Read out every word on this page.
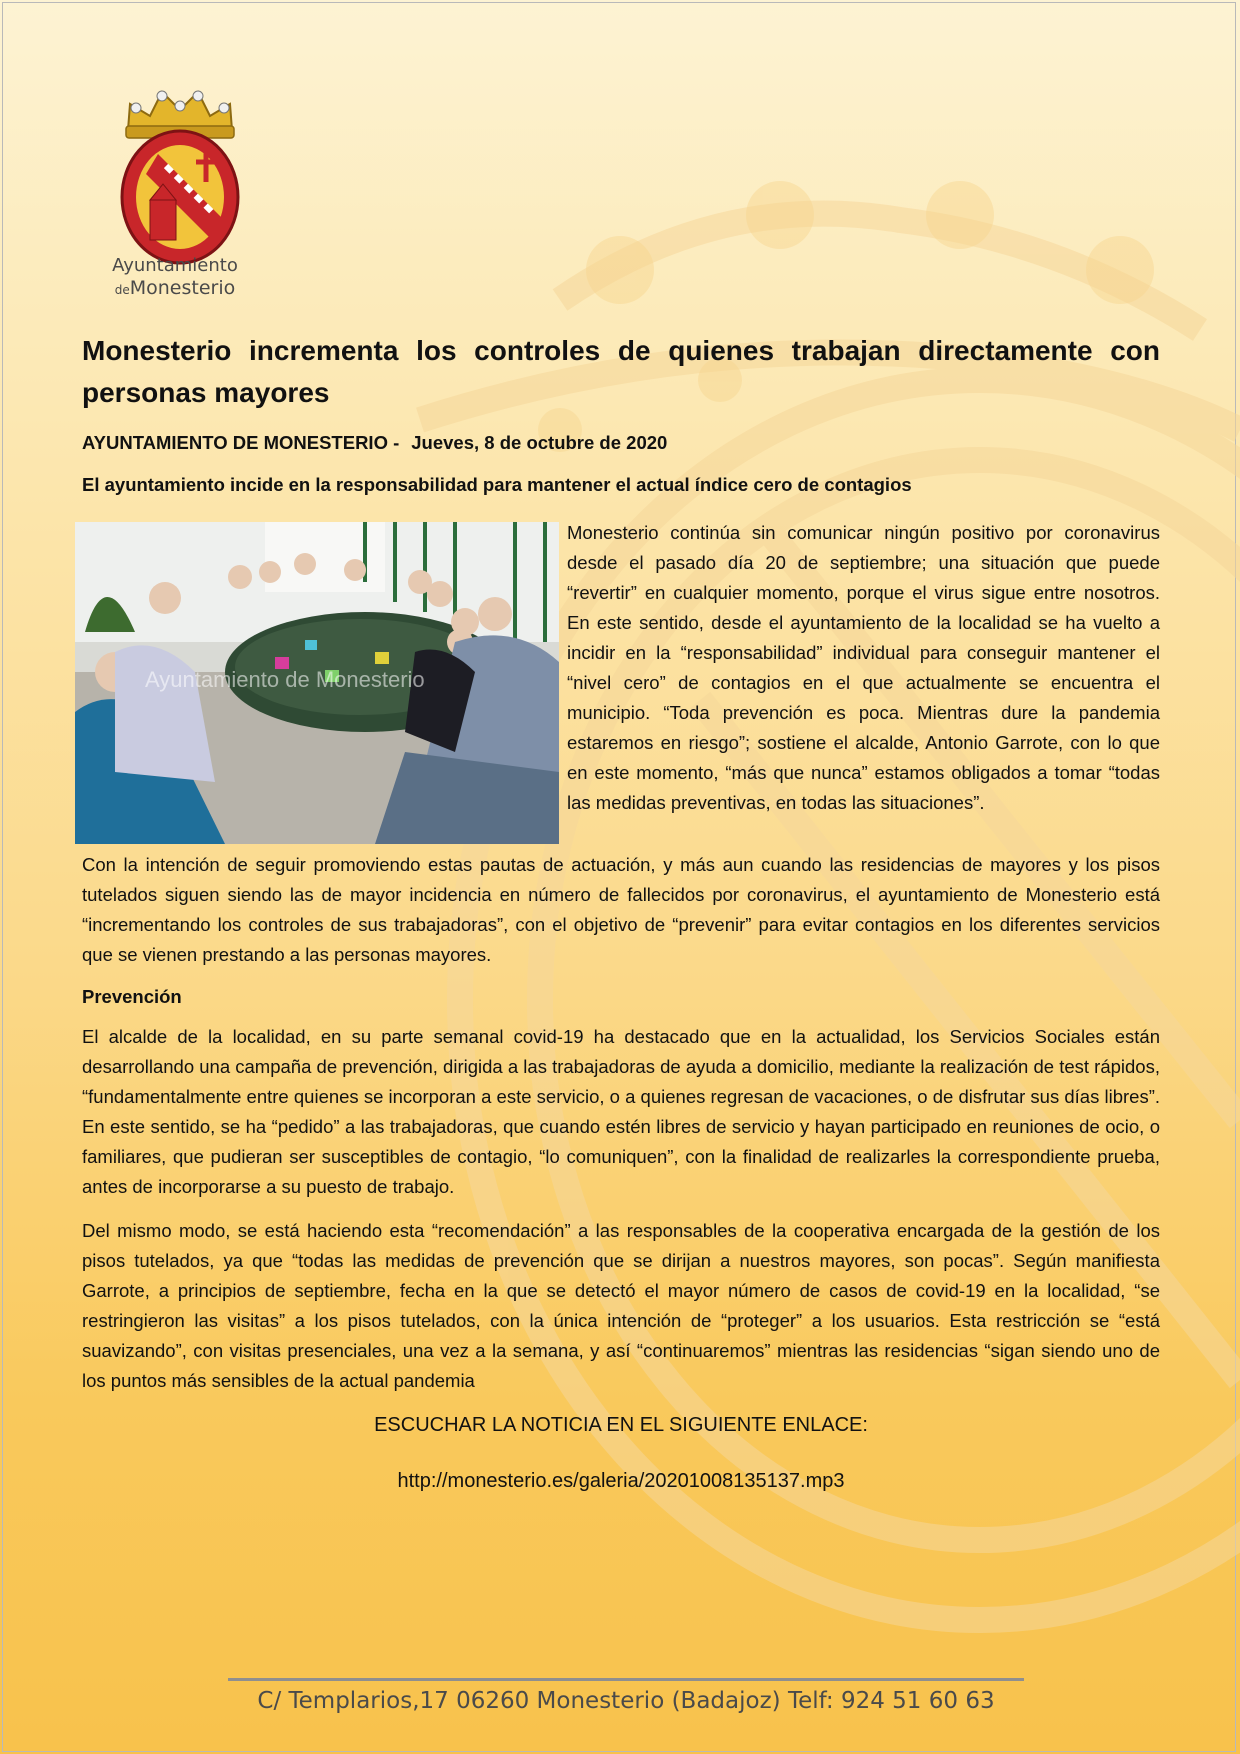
Ayuntamiento
deMonesterio
Monesterio incrementa los controles de quienes trabajan directamente con personas mayores
AYUNTAMIENTO DE MONESTERIO - Jueves, 8 de octubre de 2020
El ayuntamiento incide en la responsabilidad para mantener el actual índice cero de contagios
Ayuntamiento de Monesterio

Monesterio continúa sin comunicar ningún positivo por coronavirus desde el pasado día 20 de septiembre; una situación que puede “revertir” en cualquier momento, porque el virus sigue entre nosotros. En este sentido, desde el ayuntamiento de la localidad se ha vuelto a incidir en la “responsabilidad” individual para conseguir mantener el “nivel cero” de contagios en el que actualmente se encuentra el municipio. “Toda prevención es poca. Mientras dure la pandemia estaremos en riesgo”; sostiene el alcalde, Antonio Garrote, con lo que en este momento, “más que nunca” estamos obligados a tomar “todas las medidas preventivas, en todas las situaciones”.

Con la intención de seguir promoviendo estas pautas de actuación, y más aun cuando las residencias de mayores y los pisos tutelados siguen siendo las de mayor incidencia en número de fallecidos por coronavirus, el ayuntamiento de Monesterio está “incrementando los controles de sus trabajadoras”, con el objetivo de “prevenir” para evitar contagios en los diferentes servicios que se vienen prestando a las personas mayores.

Prevención

El alcalde de la localidad, en su parte semanal covid-19 ha destacado que en la actualidad, los Servicios Sociales están desarrollando una campaña de prevención, dirigida a las trabajadoras de ayuda a domicilio, mediante la realización de test rápidos, “fundamentalmente entre quienes se incorporan a este servicio, o a quienes regresan de vacaciones, o de disfrutar sus días libres”. En este sentido, se ha “pedido” a las trabajadoras, que cuando estén libres de servicio y hayan participado en reuniones de ocio, o familiares, que pudieran ser susceptibles de contagio, “lo comuniquen”, con la finalidad de realizarles la correspondiente prueba, antes de incorporarse a su puesto de trabajo.

Del mismo modo, se está haciendo esta “recomendación” a las responsables de la cooperativa encargada de la gestión de los pisos tutelados, ya que “todas las medidas de prevención que se dirijan a nuestros mayores, son pocas”. Según manifiesta Garrote, a principios de septiembre, fecha en la que se detectó el mayor número de casos de covid-19 en la localidad, “se restringieron las visitas” a los pisos tutelados, con la única intención de “proteger” a los usuarios. Esta restricción se “está suavizando”, con visitas presenciales, una vez a la semana, y así “continuaremos” mientras las residencias “sigan siendo uno de los puntos más sensibles de la actual pandemia

ESCUCHAR LA NOTICIA EN EL SIGUIENTE ENLACE:
http://monesterio.es/galeria/20201008135137.mp3
C/ Templarios,17 06260 Monesterio (Badajoz) Telf: 924 51 60 63
